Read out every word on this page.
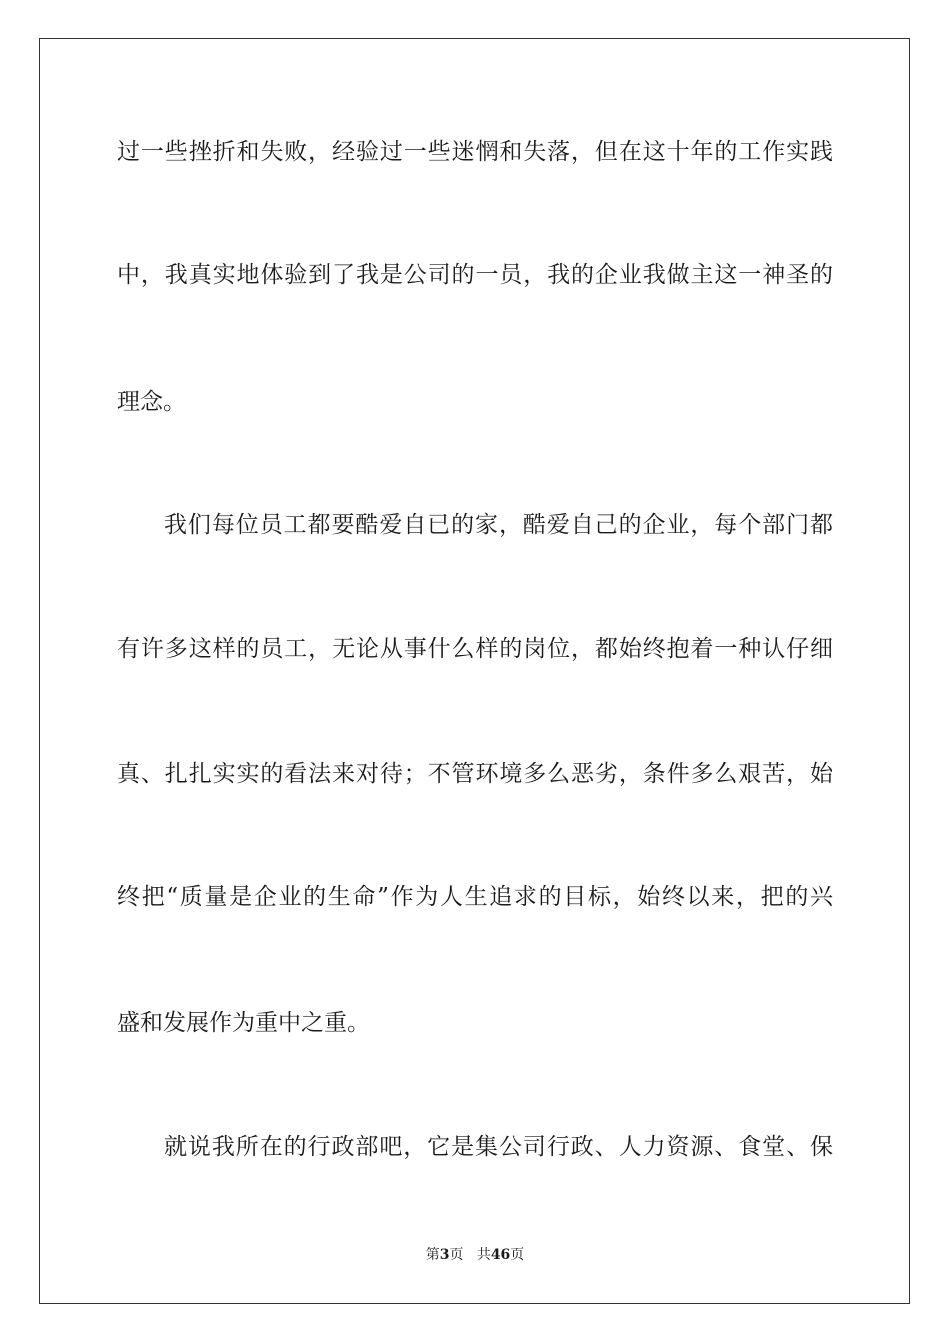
过一些挫折和失败，经验过一些迷惘和失落，但在这十年的工作实践
中，我真实地体验到了我是公司的一员，我的企业我做主这一神圣的
理念。
我们每位员工都要酷爱自已的家，酷爱自己的企业，每个部门都
有许多这样的员工，无论从事什么样的岗位，都始终抱着一种认仔细
真、扎扎实实的看法来对待；不管环境多么恶劣，条件多么艰苦，始
终把“质量是企业的生命”作为人生追求的目标，始终以来，把的兴
盛和发展作为重中之重。
就说我所在的行政部吧，它是集公司行政、人力资源、食堂、保
第3页 共46页
